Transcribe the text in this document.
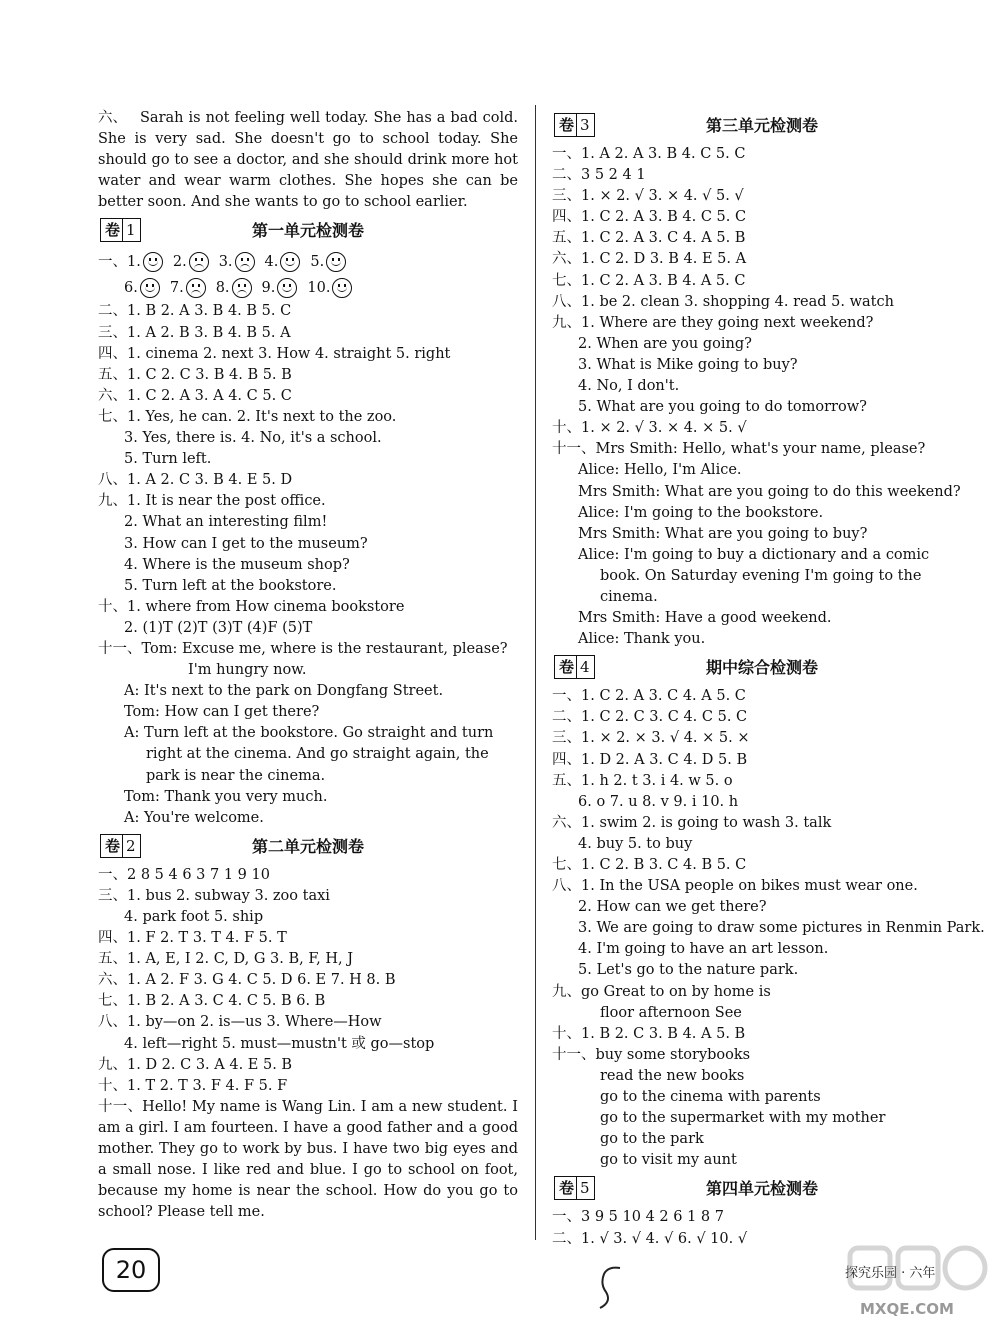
六、 Sarah is not feeling well today. She has a bad cold. She is very sad. She doesn't go to school today. She should go to see a doctor, and she should drink more hot water and wear warm clothes. She hopes she can be better soon. And she wants to go to school earlier.
卷 1	第一单元检测卷
一、1. 2. 3. 4. 5.
6. 7. 8. 9. 10.
二、1. B 2. A 3. B 4. B 5. C
三、1. A 2. B 3. B 4. B 5. A
四、1. cinema 2. next 3. How 4. straight 5. right
五、1. C 2. C 3. B 4. B 5. B
六、1. C 2. A 3. A 4. C 5. C
七、1. Yes, he can. 2. It's next to the zoo.
3. Yes, there is. 4. No, it's a school.
5. Turn left.
八、1. A 2. C 3. B 4. E 5. D
九、1. It is near the post office.
2. What an interesting film!
3. How can I get to the museum?
4. Where is the museum shop?
5. Turn left at the bookstore.
十、1. where from How cinema bookstore
2. (1)T (2)T (3)T (4)F (5)T
十一、Tom: Excuse me, where is the restaurant, please?
I'm hungry now.
A: It's next to the park on Dongfang Street.
Tom: How can I get there?
A: Turn left at the bookstore. Go straight and turn
right at the cinema. And go straight again, the
park is near the cinema.
Tom: Thank you very much.
A: You're welcome.
卷 2	第二单元检测卷
一、2 8 5 4 6 3 7 1 9 10
三、1. bus 2. subway 3. zoo taxi
4. park foot 5. ship
四、1. F 2. T 3. T 4. F 5. T
五、1. A, E, I 2. C, D, G 3. B, F, H, J
六、1. A 2. F 3. G 4. C 5. D 6. E 7. H 8. B
七、1. B 2. A 3. C 4. C 5. B 6. B
八、1. by—on 2. is—us 3. Where—How
4. left—right 5. must—mustn't 或 go—stop
九、1. D 2. C 3. A 4. E 5. B
十、1. T 2. T 3. F 4. F 5. F
十一、Hello! My name is Wang Lin. I am a new student. I am a girl. I am fourteen. I have a good father and a good mother. They go to work by bus. I have two big eyes and a small nose. I like red and blue. I go to school on foot, because my home is near the school. How do you go to school? Please tell me.
卷 3	第三单元检测卷
一、1. A 2. A 3. B 4. C 5. C
二、3 5 2 4 1
三、1. × 2. √ 3. × 4. √ 5. √
四、1. C 2. A 3. B 4. C 5. C
五、1. C 2. A 3. C 4. A 5. B
六、1. C 2. D 3. B 4. E 5. A
七、1. C 2. A 3. B 4. A 5. C
八、1. be 2. clean 3. shopping 4. read 5. watch
九、1. Where are they going next weekend?
2. When are you going?
3. What is Mike going to buy?
4. No, I don't.
5. What are you going to do tomorrow?
十、1. × 2. √ 3. × 4. × 5. √
十一、Mrs Smith: Hello, what's your name, please?
Alice: Hello, I'm Alice.
Mrs Smith: What are you going to do this weekend?
Alice: I'm going to the bookstore.
Mrs Smith: What are you going to buy?
Alice: I'm going to buy a dictionary and a comic
book. On Saturday evening I'm going to the
cinema.
Mrs Smith: Have a good weekend.
Alice: Thank you.
卷 4	期中综合检测卷
一、1. C 2. A 3. C 4. A 5. C
二、1. C 2. C 3. C 4. C 5. C
三、1. × 2. × 3. √ 4. × 5. ×
四、1. D 2. A 3. C 4. D 5. B
五、1. h 2. t 3. i 4. w 5. o
6. o 7. u 8. v 9. i 10. h
六、1. swim 2. is going to wash 3. talk
4. buy 5. to buy
七、1. C 2. B 3. C 4. B 5. C
八、1. In the USA people on bikes must wear one.
2. How can we get there?
3. We are going to draw some pictures in Renmin Park.
4. I'm going to have an art lesson.
5. Let's go to the nature park.
九、go Great to on by home is
floor afternoon See
十、1. B 2. C 3. B 4. A 5. B
十一、buy some storybooks
read the new books
go to the cinema with parents
go to the supermarket with my mother
go to the park
go to visit my aunt
卷 5	第四单元检测卷
一、3 9 5 10 4 2 6 1 8 7
二、1. √ 3. √ 4. √ 6. √ 10. √
20	探究乐园 · 六年
MXQE.COM
